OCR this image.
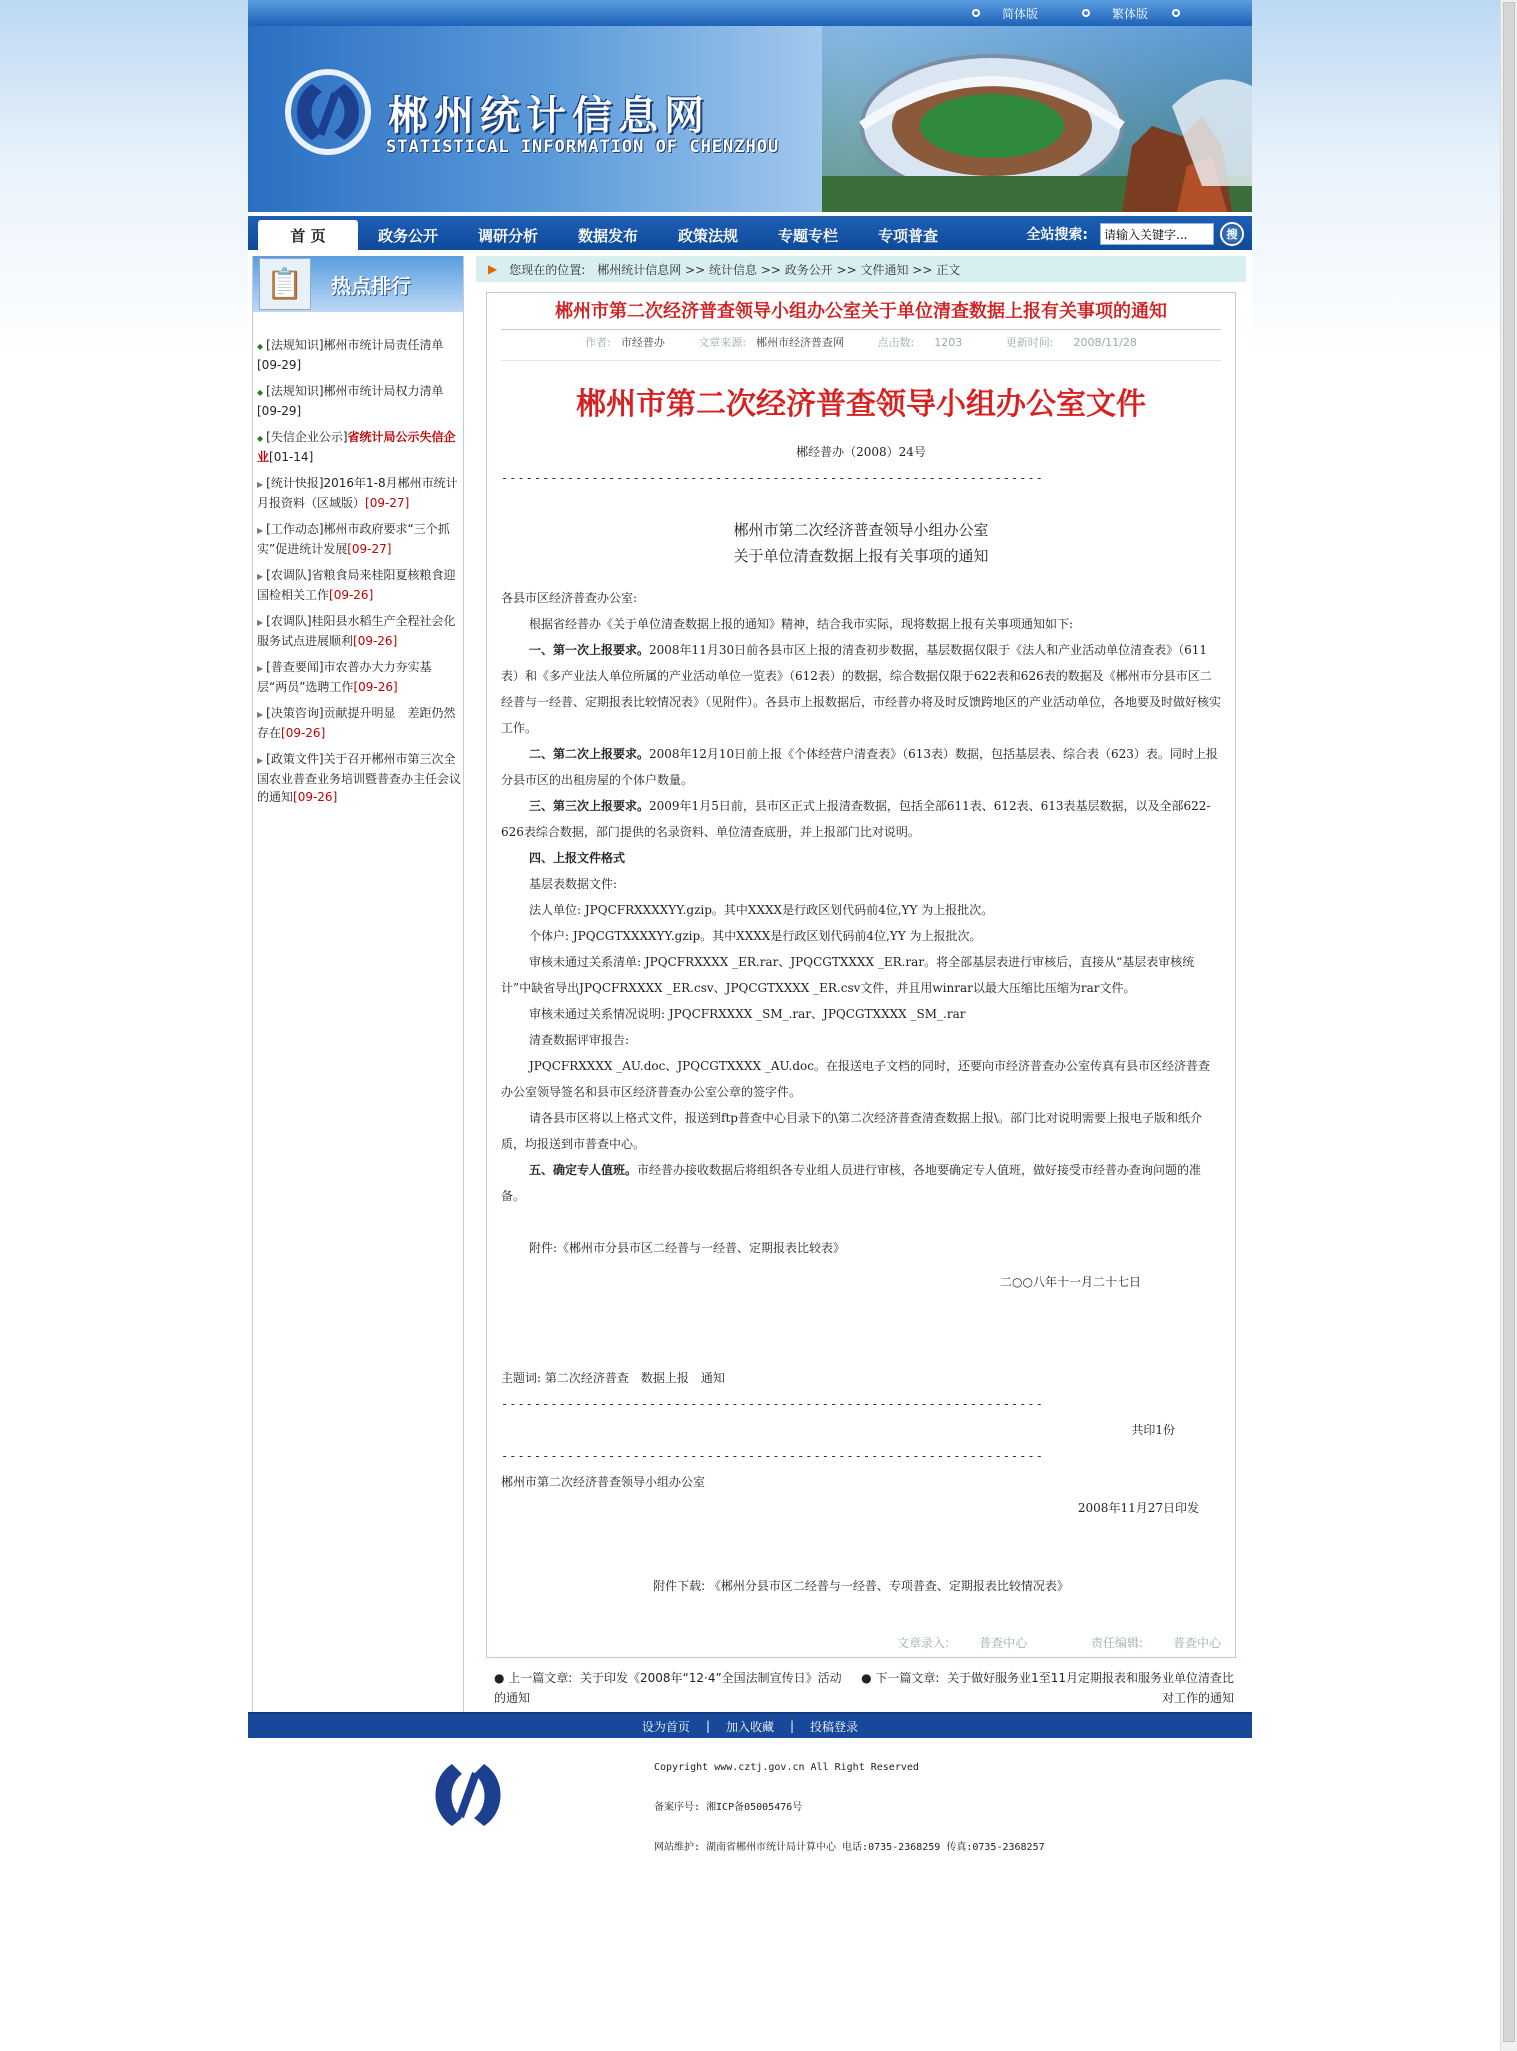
简体版	繁体版
郴州统计信息网
STATISTICAL INFORMATION OF CHENZHOU
首 页	政务公开	调研分析	数据发布	政策法规	专题专栏	专项普查	全站搜索:
请输入关键字...	搜
📋	热点排行
◆ [法规知识]郴州市统计局责任清单[09-29]
◆ [法规知识]郴州市统计局权力清单[09-29]
◆ [失信企业公示]省统计局公示失信企业[01-14]
▶ [统计快报]2016年1-8月郴州市统计月报资料（区域版）[09-27]
▶ [工作动态]郴州市政府要求“三个抓实”促进统计发展[09-27]
▶ [农调队]省粮食局来桂阳夏核粮食迎国检相关工作[09-26]
▶ [农调队]桂阳县水稻生产全程社会化服务试点进展顺利[09-26]
▶ [普查要闻]市农普办大力夯实基层“两员”选聘工作[09-26]
▶ [决策咨询]贡献提升明显　差距仍然存在[09-26]
▶ [政策文件]关于召开郴州市第三次全国农业普查业务培训暨普查办主任会议的通知[09-26]
▶ 您现在的位置: 郴州统计信息网 >> 统计信息 >> 政务公开 >> 文件通知 >> 正文
郴州市第二次经济普查领导小组办公室关于单位清查数据上报有关事项的通知
作者: 市经普办	文章来源: 郴州市经济普查网	点击数: 1203	更新时间: 2008/11/28
郴州市第二次经济普查领导小组办公室文件

郴经普办（2008）24号

------------------------------------------------------------------

郴州市第二次经济普查领导小组办公室

关于单位清查数据上报有关事项的通知

各县市区经济普查办公室:

根据省经普办《关于单位清查数据上报的通知》精神，结合我市实际，现将数据上报有关事项通知如下:

一、第一次上报要求。2008年11月30日前各县市区上报的清查初步数据，基层数据仅限于《法人和产业活动单位清查表》（611表）和《多产业法人单位所属的产业活动单位一览表》（612表）的数据，综合数据仅限于622表和626表的数据及《郴州市分县市区二经普与一经普、定期报表比较情况表》（见附件）。各县市上报数据后，市经普办将及时反馈跨地区的产业活动单位，各地要及时做好核实工作。

二、第二次上报要求。2008年12月10日前上报《个体经营户清查表》（613表）数据，包括基层表、综合表（623）表。同时上报分县市区的出租房屋的个体户数量。

三、第三次上报要求。2009年1月5日前，县市区正式上报清查数据，包括全部611表、612表、613表基层数据，以及全部622-626表综合数据，部门提供的名录资料、单位清查底册，并上报部门比对说明。

四、上报文件格式

基层表数据文件:

法人单位: JPQCFRXXXXYY.gzip。其中XXXX是行政区划代码前4位,YY 为上报批次。

个体户: JPQCGTXXXXYY.gzip。其中XXXX是行政区划代码前4位,YY 为上报批次。

审核未通过关系清单: JPQCFRXXXX _ER.rar、JPQCGTXXXX _ER.rar。将全部基层表进行审核后，直接从“基层表审核统计”中缺省导出JPQCFRXXXX _ER.csv、JPQCGTXXXX _ER.csv文件，并且用winrar以最大压缩比压缩为rar文件。

审核未通过关系情况说明: JPQCFRXXXX _SM_.rar、JPQCGTXXXX _SM_.rar

清查数据评审报告:

JPQCFRXXXX _AU.doc、JPQCGTXXXX _AU.doc。在报送电子文档的同时，还要向市经济普查办公室传真有县市区经济普查办公室领导签名和县市区经济普查办公室公章的签字件。

请各县市区将以上格式文件，报送到ftp普查中心目录下的\第二次经济普查清查数据上报\。部门比对说明需要上报电子版和纸介质，均报送到市普查中心。

五、确定专人值班。市经普办接收数据后将组织各专业组人员进行审核，各地要确定专人值班，做好接受市经普办查询问题的准备。

附件:《郴州市分县市区二经普与一经普、定期报表比较表》

二○○八年十一月二十七日

主题词: 第二次经济普查　数据上报　通知

------------------------------------------------------------------

共印1份

------------------------------------------------------------------

郴州市第二次经济普查领导小组办公室

2008年11月27日印发

附件下载: 《郴州分县市区二经普与一经普、专项普查、定期报表比较情况表》
文章录入:	普查中心	责任编辑:	普查中心
● 上一篇文章: 关于印发《2008年“12·4”全国法制宣传日》活动的通知
● 下一篇文章: 关于做好服务业1至11月定期报表和服务业单位清查比对工作的通知
设为首页 | 加入收藏 | 投稿登录
Copyright www.cztj.gov.cn All Right Reserved
备案序号: 湘ICP备05005476号
网站维护: 湖南省郴州市统计局计算中心 电话:0735-2368259 传真:0735-2368257
